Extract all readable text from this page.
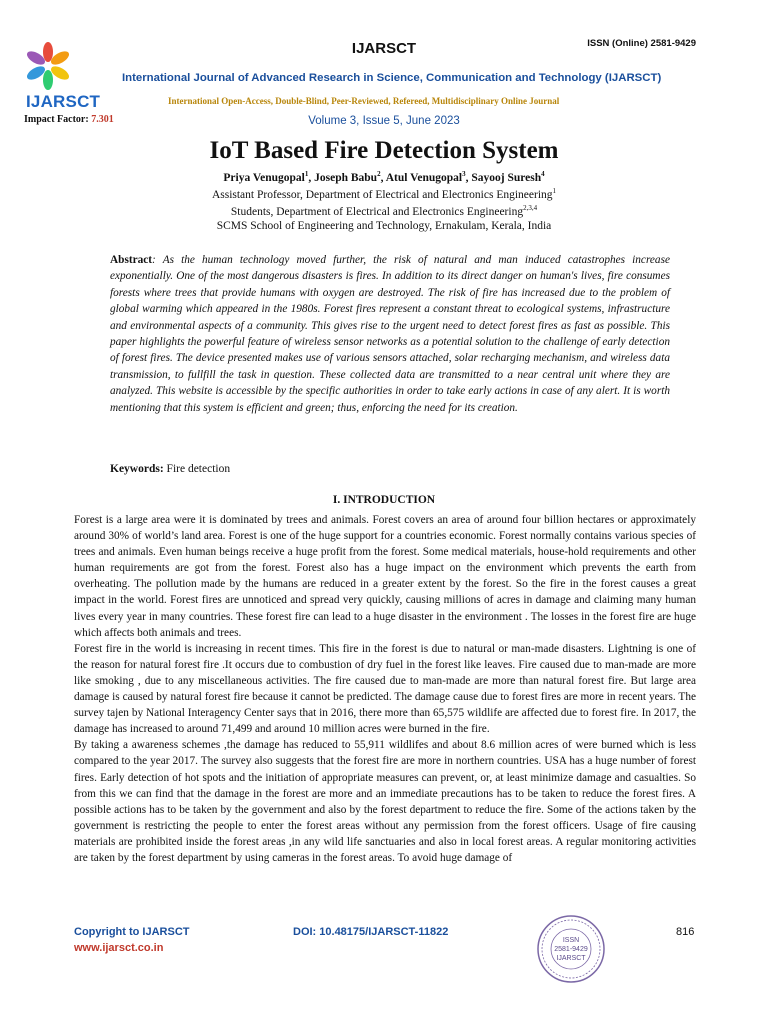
IJARSCT
Impact Factor: 7.301
IJARSCT	ISSN (Online) 2581-9429
International Journal of Advanced Research in Science, Communication and Technology (IJARSCT)
International Open-Access, Double-Blind, Peer-Reviewed, Refereed, Multidisciplinary Online Journal
Volume 3, Issue 5, June 2023
IoT Based Fire Detection System
Priya Venugopal$^1$, Joseph Babu$^2$, Atul Venugopal$^3$, Sayooj Suresh$^4$
Assistant Professor, Department of Electrical and Electronics Engineering$^1$
Students, Department of Electrical and Electronics Engineering$^{2,3,4}$
SCMS School of Engineering and Technology, Ernakulam, Kerala, India
Abstract: As the human technology moved further, the risk of natural and man induced catastrophes increase exponentially. One of the most dangerous disasters is fires. In addition to its direct danger on human's lives, fire consumes forests where trees that provide humans with oxygen are destroyed. The risk of fire has increased due to the problem of global warming which appeared in the 1980s. Forest fires represent a constant threat to ecological systems, infrastructure and environmental aspects of a community. This gives rise to the urgent need to detect forest fires as fast as possible. This paper highlights the powerful feature of wireless sensor networks as a potential solution to the challenge of early detection of forest fires. The device presented makes use of various sensors attached, solar recharging mechanism, and wireless data transmission, to fullfill the task in question. These collected data are transmitted to a near central unit where they are analyzed. This website is accessible by the specific authorities in order to take early actions in case of any alert. It is worth mentioning that this system is efficient and green; thus, enforcing the need for its creation.
Keywords: Fire detection
I. INTRODUCTION

Forest is a large area were it is dominated by trees and animals. Forest covers an area of around four billion hectares or approximately around 30% of world’s land area. Forest is one of the huge support for a countries economic. Forest normally contains various species of trees and animals. Even human beings receive a huge profit from the forest. Some medical materials, house-hold requirements and other human requirements are got from the forest. Forest also has a huge impact on the environment which prevents the earth from overheating. The pollution made by the humans are reduced in a greater extent by the forest. So the fire in the forest causes a great impact in the world. Forest fires are unnoticed and spread very quickly, causing millions of acres in damage and claiming many human lives every year in many countries. These forest fire can lead to a huge disaster in the environment . The losses in the forest fire are huge which affects both animals and trees.

Forest fire in the world is increasing in recent times. This fire in the forest is due to natural or man-made disasters. Lightning is one of the reason for natural forest fire .It occurs due to combustion of dry fuel in the forest like leaves. Fire caused due to man-made are more like smoking , due to any miscellaneous activities. The fire caused due to man-made are more than natural forest fire. But large area damage is caused by natural forest fire because it cannot be predicted. The damage cause due to forest fires are more in recent years. The survey tajen by National Interagency Center says that in 2016, there more than 65,575 wildlife are affected due to forest fire. In 2017, the damage has increased to around 71,499 and around 10 million acres were burned in the fire.

By taking a awareness schemes ,the damage has reduced to 55,911 wildlifes and about 8.6 million acres of were burned which is less compared to the year 2017. The survey also suggests that the forest fire are more in northern countries. USA has a huge number of forest fires. Early detection of hot spots and the initiation of appropriate measures can prevent, or, at least minimize damage and casualties. So from this we can find that the damage in the forest are more and an immediate precautions has to be taken to reduce the forest fires. A possible actions has to be taken by the government and also by the forest department to reduce the fire. Some of the actions taken by the government is restricting the people to enter the forest areas without any permission from the forest officers. Usage of fire causing materials are prohibited inside the forest areas ,in any wild life sanctuaries and also in local forest areas. A regular monitoring activities are taken by the forest department by using cameras in the forest areas. To avoid huge damage of

Copyright to IJARSCT
www.ijarsct.co.in
DOI: 10.48175/IJARSCT-11822	816
ISSN
2581-9429
IJARSCT
